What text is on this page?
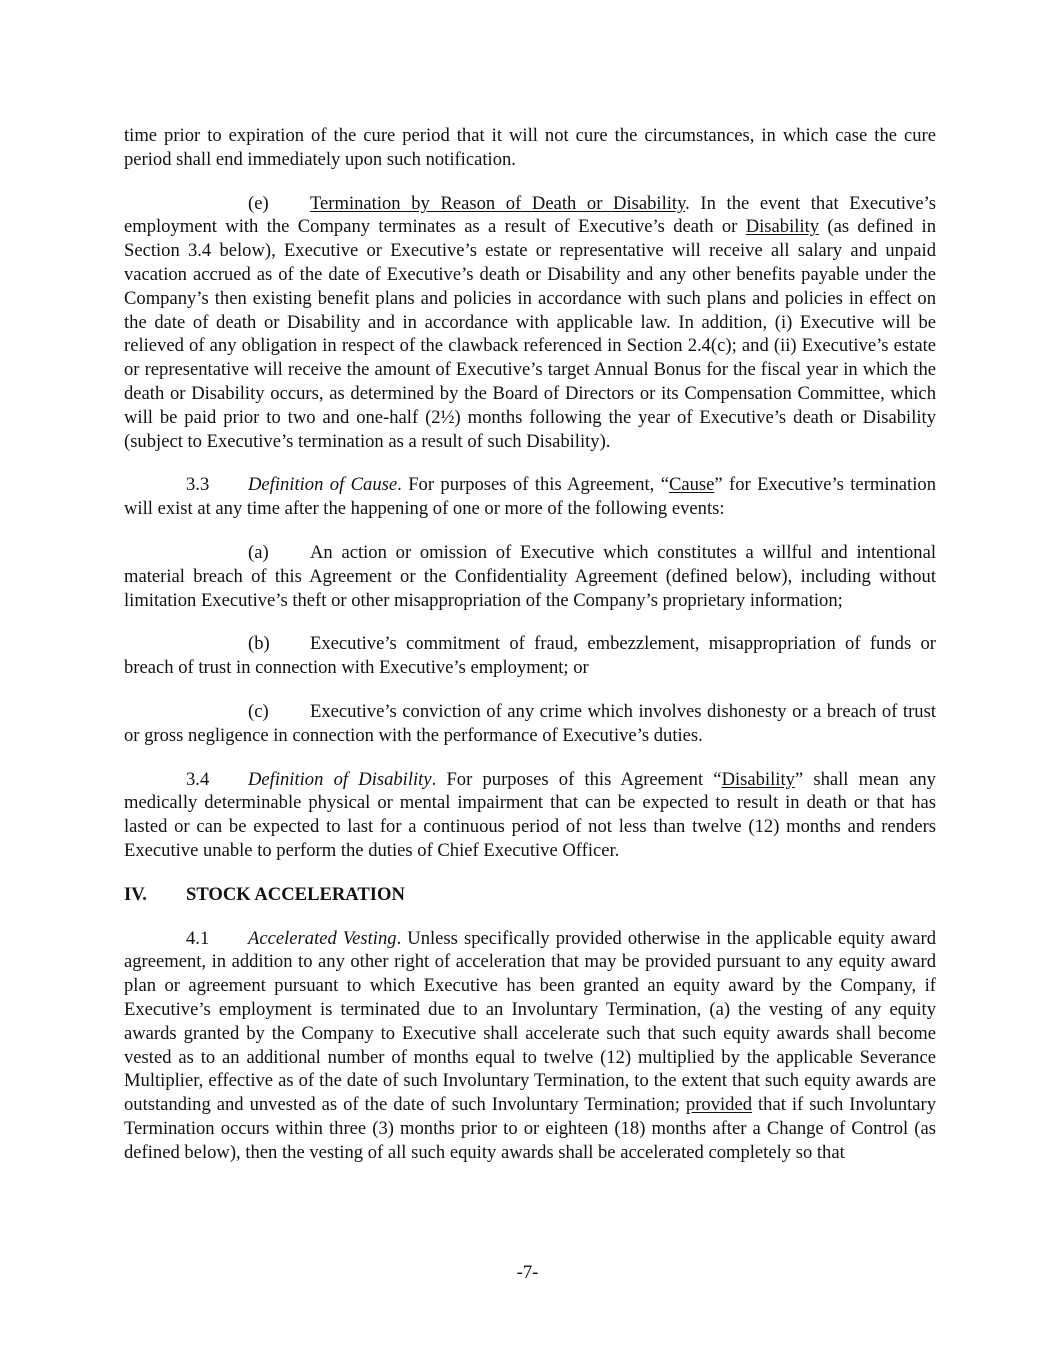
time prior to expiration of the cure period that it will not cure the circumstances, in which case the cure period shall end immediately upon such notification.

(e) Termination by Reason of Death or Disability. In the event that Executive’s employment with the Company terminates as a result of Executive’s death or Disability (as defined in Section 3.4 below), Executive or Executive’s estate or representative will receive all salary and unpaid vacation accrued as of the date of Executive’s death or Disability and any other benefits payable under the Company’s then existing benefit plans and policies in accordance with such plans and policies in effect on the date of death or Disability and in accordance with applicable law. In addition, (i) Executive will be relieved of any obligation in respect of the clawback referenced in Section 2.4(c); and (ii) Executive’s estate or representative will receive the amount of Executive’s target Annual Bonus for the fiscal year in which the death or Disability occurs, as determined by the Board of Directors or its Compensation Committee, which will be paid prior to two and one-half (2½) months following the year of Executive’s death or Disability (subject to Executive’s termination as a result of such Disability).

3.3 Definition of Cause. For purposes of this Agreement, “Cause” for Executive’s termination will exist at any time after the happening of one or more of the following events:

(a) An action or omission of Executive which constitutes a willful and intentional material breach of this Agreement or the Confidentiality Agreement (defined below), including without limitation Executive’s theft or other misappropriation of the Company’s proprietary information;

(b) Executive’s commitment of fraud, embezzlement, misappropriation of funds or breach of trust in connection with Executive’s employment; or

(c) Executive’s conviction of any crime which involves dishonesty or a breach of trust or gross negligence in connection with the performance of Executive’s duties.

3.4 Definition of Disability. For purposes of this Agreement “Disability” shall mean any medically determinable physical or mental impairment that can be expected to result in death or that has lasted or can be expected to last for a continuous period of not less than twelve (12) months and renders Executive unable to perform the duties of Chief Executive Officer.

IV. STOCK ACCELERATION

4.1 Accelerated Vesting. Unless specifically provided otherwise in the applicable equity award agreement, in addition to any other right of acceleration that may be provided pursuant to any equity award plan or agreement pursuant to which Executive has been granted an equity award by the Company, if Executive’s employment is terminated due to an Involuntary Termination, (a) the vesting of any equity awards granted by the Company to Executive shall accelerate such that such equity awards shall become vested as to an additional number of months equal to twelve (12) multiplied by the applicable Severance Multiplier, effective as of the date of such Involuntary Termination, to the extent that such equity awards are outstanding and unvested as of the date of such Involuntary Termination; provided that if such Involuntary Termination occurs within three (3) months prior to or eighteen (18) months after a Change of Control (as defined below), then the vesting of all such equity awards shall be accelerated completely so that

-7-
